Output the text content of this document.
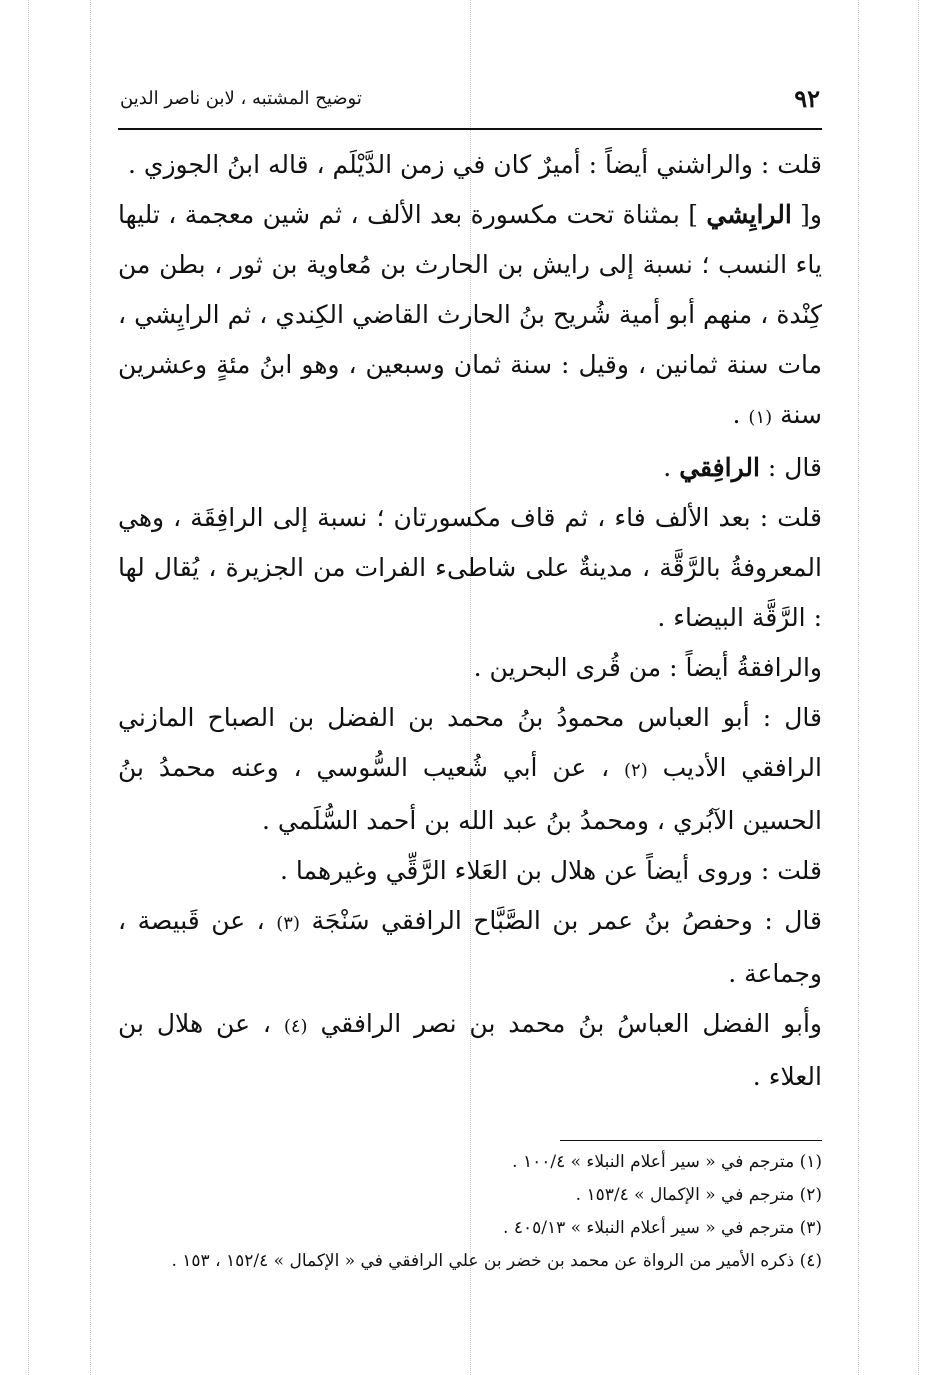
٩٢
توضيح المشتبه ، لابن ناصر الدين

قلت : والراشني أيضاً : أميرٌ كان في زمن الدَّيْلَم ، قاله ابنُ الجوزي .

و[ الرايِشي ] بمثناة تحت مكسورة بعد الألف ، ثم شين معجمة ، تليها ياء النسب ؛ نسبة إلى رايش بن الحارث بن مُعاوية بن ثور ، بطن من كِنْدة ، منهم أبو أمية شُريح بنُ الحارث القاضي الكِندي ، ثم الرايِشي ، مات سنة ثمانين ، وقيل : سنة ثمان وسبعين ، وهو ابنُ مئةٍ وعشرين سنة (١) .

قال : الرافِقي .

قلت : بعد الألف فاء ، ثم قاف مكسورتان ؛ نسبة إلى الرافِقَة ، وهي المعروفةُ بالرَّقَّة ، مدينةٌ على شاطىء الفرات من الجزيرة ، يُقال لها : الرَّقَّة البيضاء .

والرافقةُ أيضاً : من قُرى البحرين .

قال : أبو العباس محمودُ بنُ محمد بن الفضل بن الصباح المازني الرافقي الأديب (٢) ، عن أبي شُعيب السُّوسي ، وعنه محمدُ بنُ الحسين الآبُري ، ومحمدُ بنُ عبد الله بن أحمد السُّلَمي .

قلت : وروى أيضاً عن هلال بن العَلاء الرَّقِّي وغيرهما .

قال : وحفصُ بنُ عمر بن الصَّبَّاح الرافقي سَنْجَة (٣) ، عن قَبيصة ، وجماعة .

وأبو الفضل العباسُ بنُ محمد بن نصر الرافقي (٤) ، عن هلال بن العلاء .

(١) مترجم في « سير أعلام النبلاء » ١٠٠/٤ .

(٢) مترجم في « الإكمال » ١٥٣/٤ .

(٣) مترجم في « سير أعلام النبلاء » ٤٠٥/١٣ .

(٤) ذكره الأمير من الرواة عن محمد بن خضر بن علي الرافقي في « الإكمال » ١٥٢/٤ ، ١٥٣ .
